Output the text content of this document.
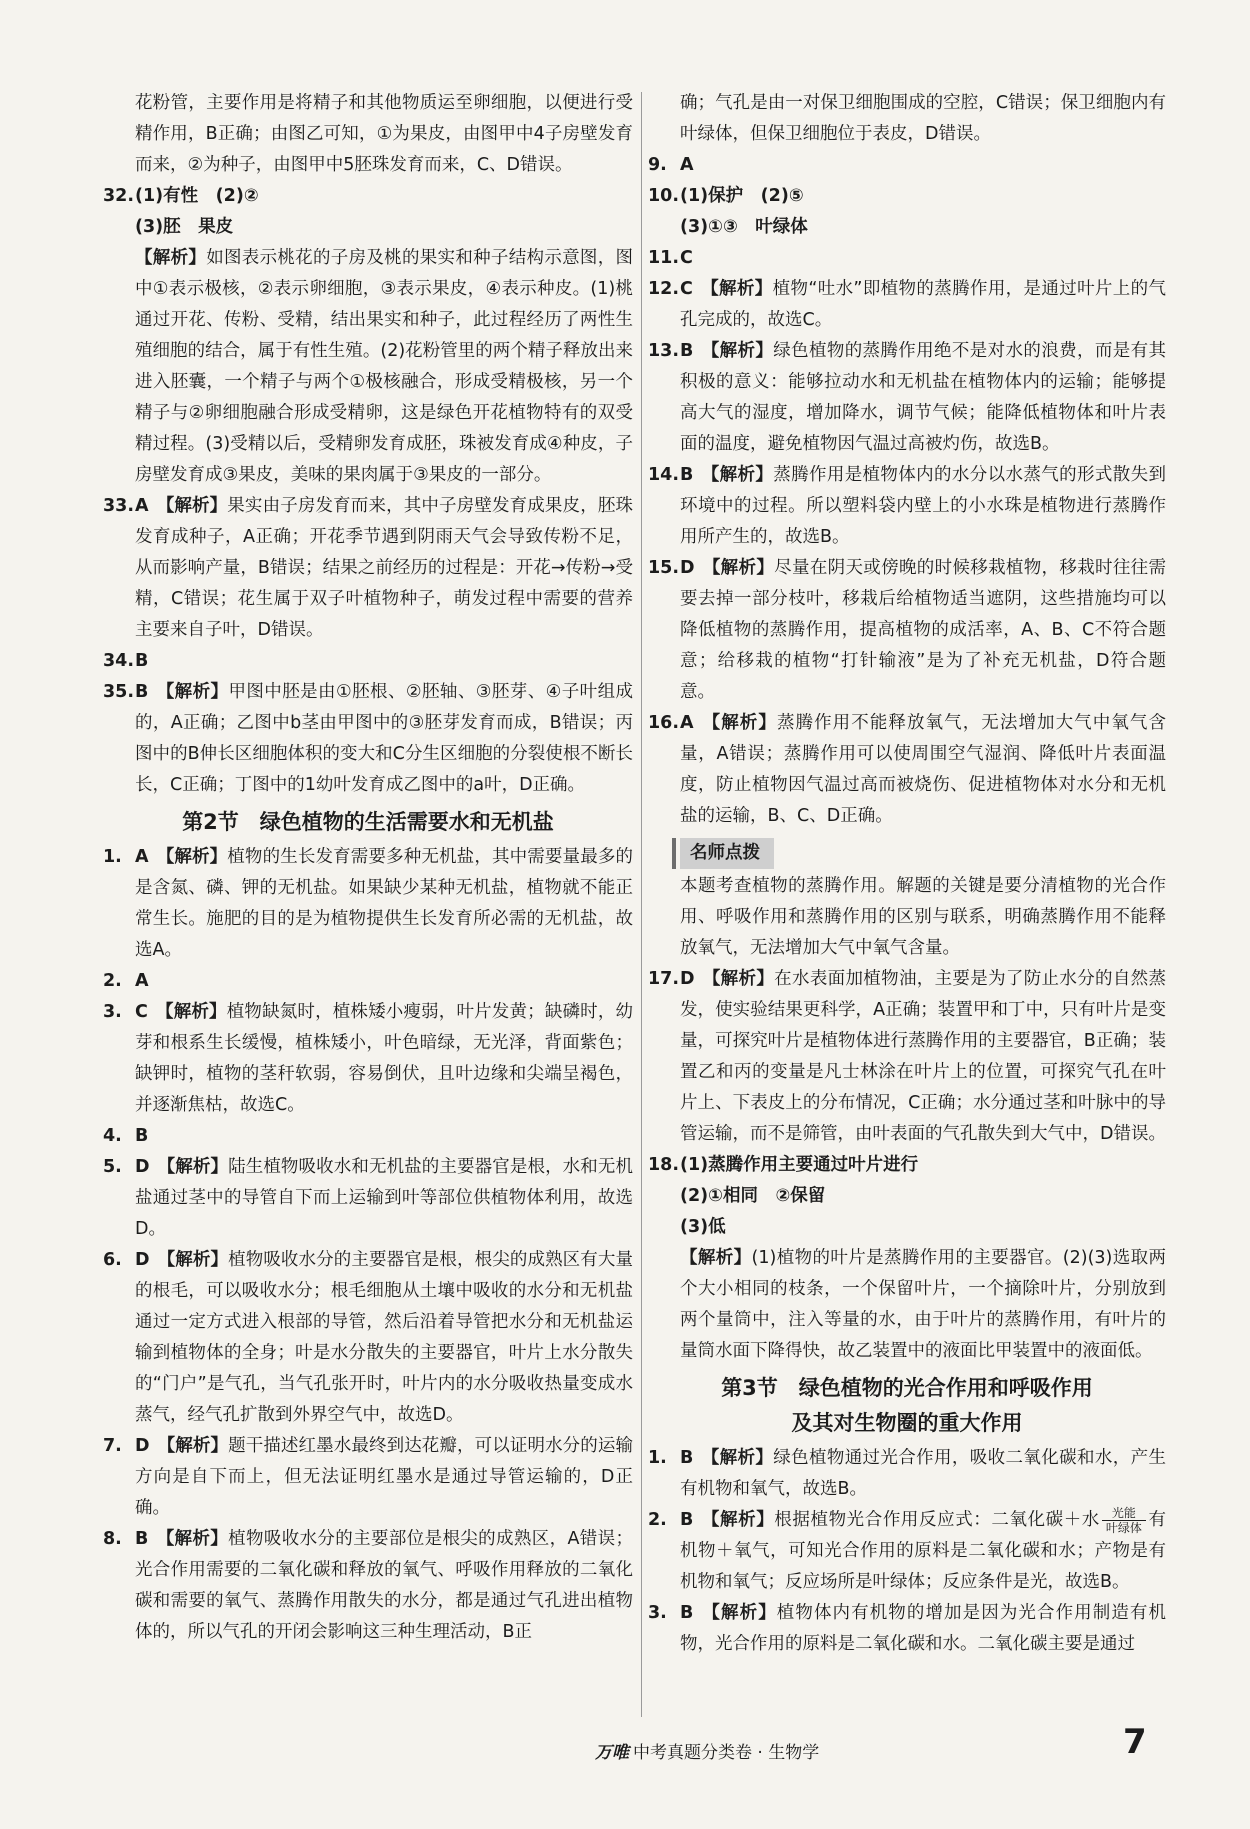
花粉管，主要作用是将精子和其他物质运至卵细胞，以便进行受精作用，B正确；由图乙可知，①为果皮，由图甲中4子房壁发育而来，②为种子，由图甲中5胚珠发育而来，C、D错误。

32. (1)有性　(2)②
(3)胚　果皮
【解析】如图表示桃花的子房及桃的果实和种子结构示意图，图中①表示极核，②表示卵细胞，③表示果皮，④表示种皮。(1)桃通过开花、传粉、受精，结出果实和种子，此过程经历了两性生殖细胞的结合，属于有性生殖。(2)花粉管里的两个精子释放出来进入胚囊，一个精子与两个①极核融合，形成受精极核，另一个精子与②卵细胞融合形成受精卵，这是绿色开花植物特有的双受精过程。(3)受精以后，受精卵发育成胚，珠被发育成④种皮，子房壁发育成③果皮，美味的果肉属于③果皮的一部分。
33. A 【解析】果实由子房发育而来，其中子房壁发育成果皮，胚珠发育成种子，A正确；开花季节遇到阴雨天气会导致传粉不足，从而影响产量，B错误；结果之前经历的过程是：开花→传粉→受精，C错误；花生属于双子叶植物种子，萌发过程中需要的营养主要来自子叶，D错误。
34. B
35. B 【解析】甲图中胚是由①胚根、②胚轴、③胚芽、④子叶组成的，A正确；乙图中b茎由甲图中的③胚芽发育而成，B错误；丙图中的B伸长区细胞体积的变大和C分生区细胞的分裂使根不断长长，C正确；丁图中的1幼叶发育成乙图中的a叶，D正确。
第2节　绿色植物的生活需要水和无机盐
1. A 【解析】植物的生长发育需要多种无机盐，其中需要量最多的是含氮、磷、钾的无机盐。如果缺少某种无机盐，植物就不能正常生长。施肥的目的是为植物提供生长发育所必需的无机盐，故选A。
2. A
3. C 【解析】植物缺氮时，植株矮小瘦弱，叶片发黄；缺磷时，幼芽和根系生长缓慢，植株矮小，叶色暗绿，无光泽，背面紫色；缺钾时，植物的茎秆软弱，容易倒伏，且叶边缘和尖端呈褐色，并逐渐焦枯，故选C。
4. B
5. D 【解析】陆生植物吸收水和无机盐的主要器官是根，水和无机盐通过茎中的导管自下而上运输到叶等部位供植物体利用，故选D。
6. D 【解析】植物吸收水分的主要器官是根，根尖的成熟区有大量的根毛，可以吸收水分；根毛细胞从土壤中吸收的水分和无机盐通过一定方式进入根部的导管，然后沿着导管把水分和无机盐运输到植物体的全身；叶是水分散失的主要器官，叶片上水分散失的“门户”是气孔，当气孔张开时，叶片内的水分吸收热量变成水蒸气，经气孔扩散到外界空气中，故选D。
7. D 【解析】题干描述红墨水最终到达花瓣，可以证明水分的运输方向是自下而上，但无法证明红墨水是通过导管运输的，D正确。
8. B 【解析】植物吸收水分的主要部位是根尖的成熟区，A错误；光合作用需要的二氧化碳和释放的氧气、呼吸作用释放的二氧化碳和需要的氧气、蒸腾作用散失的水分，都是通过气孔进出植物体的，所以气孔的开闭会影响这三种生理活动，B正

确；气孔是由一对保卫细胞围成的空腔，C错误；保卫细胞内有叶绿体，但保卫细胞位于表皮，D错误。

9. A
10. (1)保护　(2)⑤
(3)①③　叶绿体
11. C
12. C 【解析】植物“吐水”即植物的蒸腾作用，是通过叶片上的气孔完成的，故选C。
13. B 【解析】绿色植物的蒸腾作用绝不是对水的浪费，而是有其积极的意义：能够拉动水和无机盐在植物体内的运输；能够提高大气的湿度，增加降水，调节气候；能降低植物体和叶片表面的温度，避免植物因气温过高被灼伤，故选B。
14. B 【解析】蒸腾作用是植物体内的水分以水蒸气的形式散失到环境中的过程。所以塑料袋内壁上的小水珠是植物进行蒸腾作用所产生的，故选B。
15. D 【解析】尽量在阴天或傍晚的时候移栽植物，移栽时往往需要去掉一部分枝叶，移栽后给植物适当遮阴，这些措施均可以降低植物的蒸腾作用，提高植物的成活率，A、B、C不符合题意；给移栽的植物“打针输液”是为了补充无机盐，D符合题意。
16. A 【解析】蒸腾作用不能释放氧气，无法增加大气中氧气含量，A错误；蒸腾作用可以使周围空气湿润、降低叶片表面温度，防止植物因气温过高而被烧伤、促进植物体对水分和无机盐的运输，B、C、D正确。
名师点拨
本题考查植物的蒸腾作用。解题的关键是要分清植物的光合作用、呼吸作用和蒸腾作用的区别与联系，明确蒸腾作用不能释放氧气，无法增加大气中氧气含量。
17. D 【解析】在水表面加植物油，主要是为了防止水分的自然蒸发，使实验结果更科学，A正确；装置甲和丁中，只有叶片是变量，可探究叶片是植物体进行蒸腾作用的主要器官，B正确；装置乙和丙的变量是凡士林涂在叶片上的位置，可探究气孔在叶片上、下表皮上的分布情况，C正确；水分通过茎和叶脉中的导管运输，而不是筛管，由叶表面的气孔散失到大气中，D错误。
18. (1)蒸腾作用主要通过叶片进行
(2)①相同　②保留
(3)低
【解析】(1)植物的叶片是蒸腾作用的主要器官。(2)(3)选取两个大小相同的枝条，一个保留叶片，一个摘除叶片，分别放到两个量筒中，注入等量的水，由于叶片的蒸腾作用，有叶片的量筒水面下降得快，故乙装置中的液面比甲装置中的液面低。
第3节　绿色植物的光合作用和呼吸作用
及其对生物圈的重大作用
1. B 【解析】绿色植物通过光合作用，吸收二氧化碳和水，产生有机物和氧气，故选B。
2. B 【解析】根据植物光合作用反应式：二氧化碳＋水 $\frac{\text{光能}}{\text{叶绿体}}$ 有机物＋氧气，可知光合作用的原料是二氧化碳和水；产物是有机物和氧气；反应场所是叶绿体；反应条件是光，故选B。
3. B 【解析】植物体内有机物的增加是因为光合作用制造有机物，光合作用的原料是二氧化碳和水。二氧化碳主要是通过
万唯 中考真题分类卷 · 生物学	7
